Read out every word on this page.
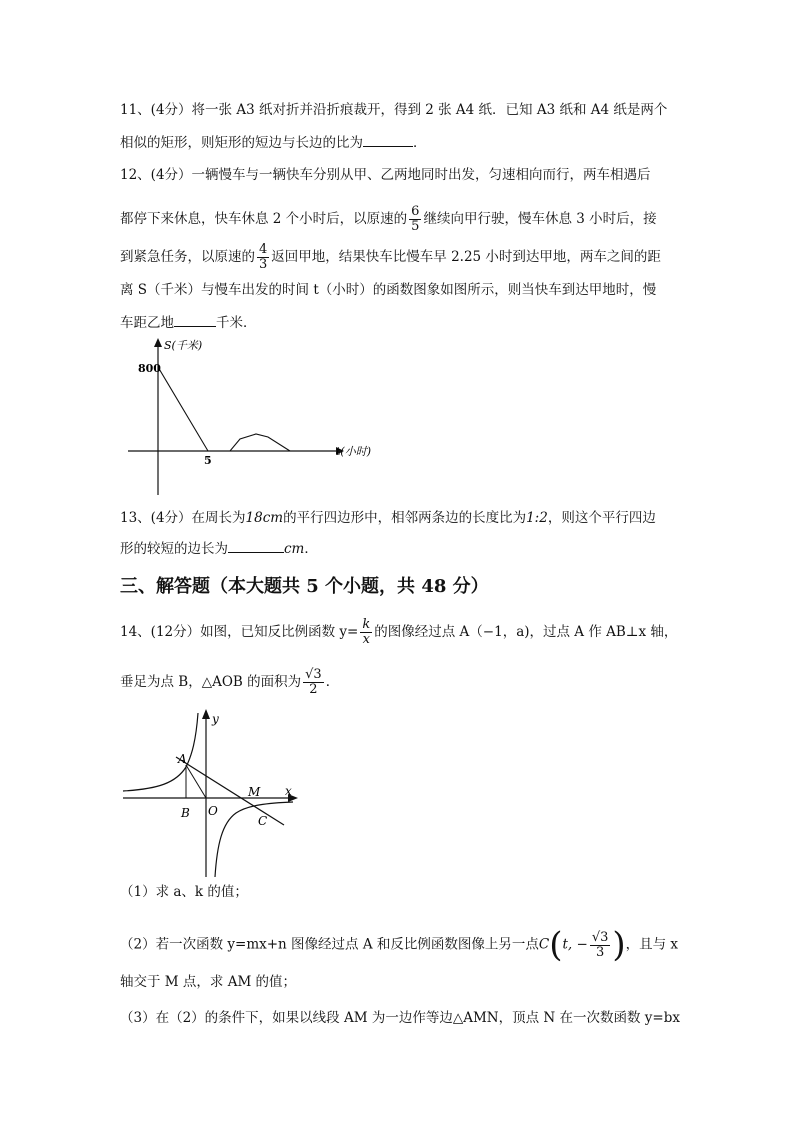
11、(4分）将一张 A3 纸对折并沿折痕裁开，得到 2 张 A4 纸．已知 A3 纸和 A4 纸是两个
相似的矩形，则矩形的短边与长边的比为	．
12、(4分）一辆慢车与一辆快车分别从甲、乙两地同时出发，匀速相向而行，两车相遇后
都停下来休息，快车休息 2 个小时后，以原速的 $\frac{6}{5}$ 继续向甲行驶，慢车休息 3 小时后，接
到紧急任务，以原速的 $\frac{4}{3}$ 返回甲地，结果快车比慢车早 2.25 小时到达甲地，两车之间的距
离 S（千米）与慢车出发的时间 t（小时）的函数图象如图所示，则当快车到达甲地时，慢
车距乙地	千米．
S(千米)
800
5
t(小时)
13、(4分）在周长为18cm的平行四边形中，相邻两条边的长度比为1:2，则这个平行四边
形的较短的边长为	cm．
三、解答题（本大题共 5 个小题，共 48 分）
14、(12分）如图，已知反比例函数 $y= \frac{k}{x}$ 的图像经过点 A（−1，a)，过点 A 作 AB⊥x 轴，
垂足为点 B，△AOB 的面积为 $\frac{√3}{2}$ ．
y
x
A
B O
M
C
（1）求 a、k 的值；
（2）若一次函数 y=mx+n 图像经过点 A 和反比例函数图像上另一点C(t, − $\frac{√3}{3}$ )，且与 x
轴交于 M 点，求 AM 的值；
（3）在（2）的条件下，如果以线段 AM 为一边作等边△AMN，顶点 N 在一次数函数 y=bx
